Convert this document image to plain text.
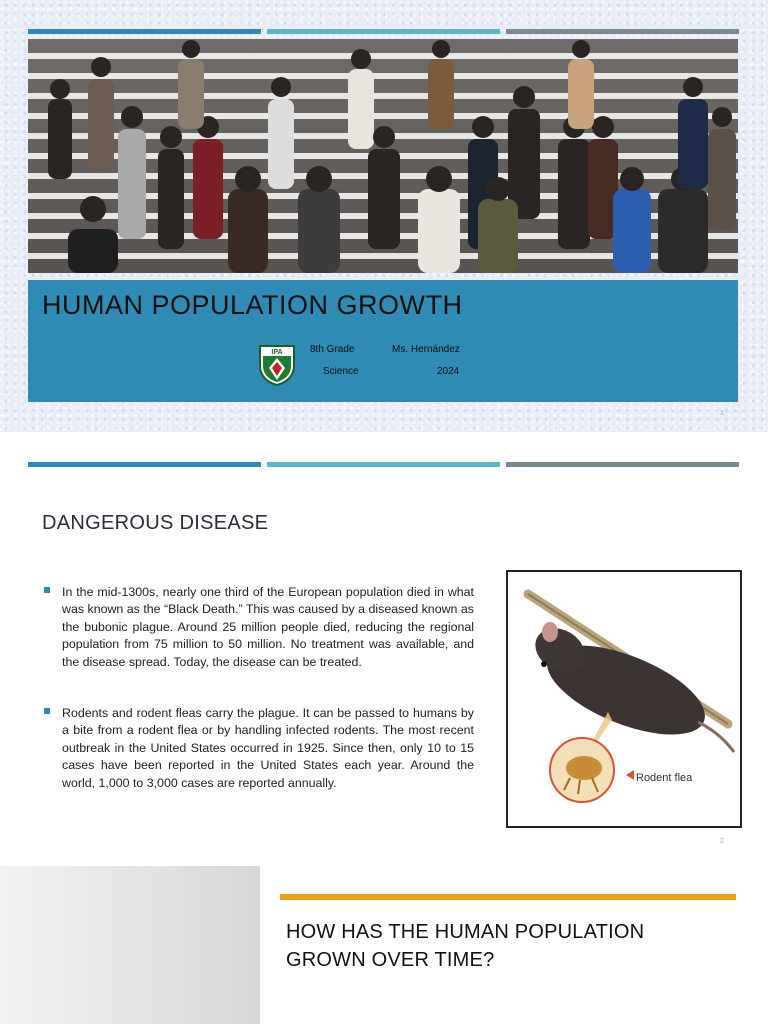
HUMAN POPULATION GROWTH
IPA	8th Grade	Ms. Hernández
Science	2024
1
DANGEROUS DISEASE
In the mid-1300s, nearly one third of the European population died in what was known as the “Black Death.” This was caused by a diseased known as the bubonic plague. Around 25 million people died, reducing the regional population from 75 million to 50 million. No treatment was available, and the disease spread. Today, the disease can be treated.
Rodents and rodent fleas carry the plague. It can be passed to humans by a bite from a rodent flea or by handling infected rodents. The most recent outbreak in the United States occurred in 1925. Since then, only 10 to 15 cases have been reported in the United States each year. Around the world, 1,000 to 3,000 cases are reported annually.	Rodent flea
2
HOW HAS THE HUMAN POPULATION GROWN OVER TIME?
